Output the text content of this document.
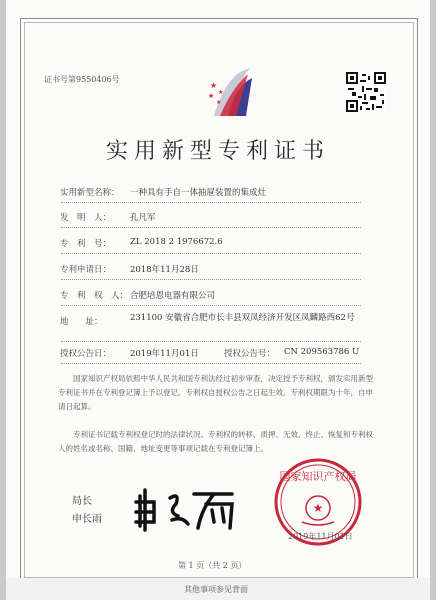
证书号第9550406号
★
★
★
★
实用新型专利证书
实用新型名称： 一种具有手自一体抽屉装置的集成灶
发　明　人： 孔凡军
专　利　号： ZL 2018 2 1976672.6
专利申请日： 2018年11月28日
专　利　权　人： 合肥培恩电器有限公司
地　　址：	231100 安徽省合肥市长丰县双凤经济开发区凤麟路西62号
授权公告日： 2019年11月01日	授权公告号： CN 209563786 U
国家知识产权局依照中华人民共和国专利法经过初步审查，决定授予专利权，颁发实用新型专利证书并在专利登记簿上予以登记。专利权自授权公告之日起生效。专利权期限为十年，自申请日起算。
专利证书记载专利权登记时的法律状况。专利权的转移、质押、无效、终止、恢复和专利权人的姓名或名称、国籍、地址变更等事项记载在专利登记簿上。
局长
申长雨
国家知识产权局
★
2019年11月01日
第 1 页（共 2 页）
其他事项参见背面
